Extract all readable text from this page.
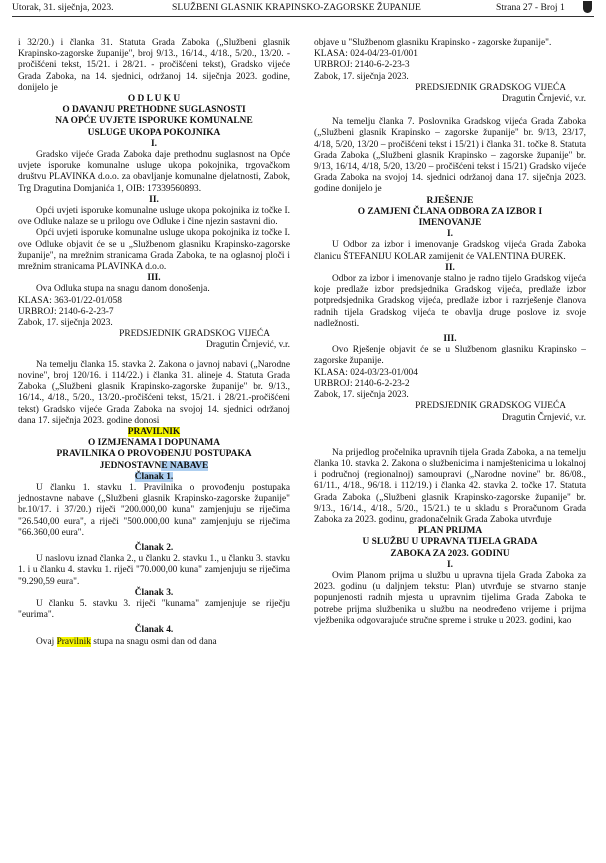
Utorak, 31. siječnja, 2023.	SLUŽBENI GLASNIK KRAPINSKO-ZAGORSKE ŽUPANIJE	Strana 27 - Broj 1

i 32/20.) i članka 31. Statuta Grada Zaboka („Službeni glasnik Krapinsko-zagorske županije", broj 9/13., 16/14., 4/18., 5/20., 13/20. - pročišćeni tekst, 15/21. i 28/21. - pročišćeni tekst), Gradsko vijeće Grada Zaboka, na 14. sjednici, održanoj 14. siječnja 2023. godine, donijelo je

O D L U K U
O DAVANJU PRETHODNE SUGLASNOSTI
NA OPĆE UVJETE ISPORUKE KOMUNALNE
USLUGE UKOPA POKOJNIKA
I.

Gradsko vijeće Grada Zaboka daje prethodnu suglasnost na Opće uvjete isporuke komunalne usluge ukopa pokojnika, trgovačkom društvu PLAVINKA d.o.o. za obavljanje komunalne djelatnosti, Zabok, Trg Dragutina Domjanića 1, OIB: 17339560893.

II.

Opći uvjeti isporuke komunalne usluge ukopa pokojnika iz točke I. ove Odluke nalaze se u prilogu ove Odluke i čine njezin sastavni dio.

Opći uvjeti isporuke komunalne usluge ukopa pokojnika iz točke I. ove Odluke objavit će se u „Službenom glasniku Krapinsko-zagorske županije", na mrežnim stranicama Grada Zaboka, te na oglasnoj ploči i mrežnim stranicama PLAVINKA d.o.o.

III.

Ova Odluka stupa na snagu danom donošenja.

KLASA: 363-01/22-01/058
URBROJ: 2140-6-2-23-7
Zabok, 17. siječnja 2023.
PREDSJEDNIK GRADSKOG VIJEĆA
Dragutin Črnjević, v.r.

Na temelju članka 15. stavka 2. Zakona o javnoj nabavi („Narodne novine", broj 120/16. i 114/22.) i članka 31. alineje 4. Statuta Grada Zaboka („Službeni glasnik Krapinsko-zagorske županije" br. 9/13., 16/14., 4/18., 5/20., 13/20.-pročišćeni tekst, 15/21. i 28/21.-pročišćeni tekst) Gradsko vijeće Grada Zaboka na svojoj 14. sjednici održanoj dana 17. siječnja 2023. godine donosi

PRAVILNIK
O IZMJENAMA I DOPUNAMA
PRAVILNIKA O PROVOĐENJU POSTUPAKA
JEDNOSTAVNE NABAVE
Članak 1.

U članku 1. stavku 1. Pravilnika o provođenju postupaka jednostavne nabave („Službeni glasnik Krapinsko-zagorske županije" br.10/17. i 37/20.) riječi "200.000,00 kuna" zamjenjuju se riječima "26.540,00 eura", a riječi "500.000,00 kuna" zamjenjuju se riječima "66.360,00 eura".

Članak 2.

U naslovu iznad članka 2., u članku 2. stavku 1., u članku 3. stavku 1. i u članku 4. stavku 1. riječi "70.000,00 kuna" zamjenjuju se riječima "9.290,59 eura".

Članak 3.

U članku 5. stavku 3. riječi "kunama" zamjenjuje se riječju "eurima".

Članak 4.

Ovaj Pravilnik stupa na snagu osmi dan od dana

objave u "Službenom glasniku Krapinsko - zagorske županije".

KLASA: 024-04/23-01/001
URBROJ: 2140-6-2-23-3
Zabok, 17. siječnja 2023.
PREDSJEDNIK GRADSKOG VIJEĆA
Dragutin Črnjević, v.r.

Na temelju članka 7. Poslovnika Gradskog vijeća Grada Zaboka („Službeni glasnik Krapinsko – zagorske županije" br. 9/13, 23/17, 4/18, 5/20, 13/20 – pročišćeni tekst i 15/21) i članka 31. točke 8. Statuta Grada Zaboka („Službeni glasnik Krapinsko – zagorske županije" br. 9/13, 16/14, 4/18, 5/20, 13/20 – pročišćeni tekst i 15/21) Gradsko vijeće Grada Zaboka na svojoj 14. sjednici održanoj dana 17. siječnja 2023. godine donijelo je

RJEŠENJE
O ZAMJENI ČLANA ODBORA ZA IZBOR I
IMENOVANJE
I.

U Odbor za izbor i imenovanje Gradskog vijeća Grada Zaboka članicu ŠTEFANIJU KOLAR zamijenit će VALENTINA ĐUREK.

II.

Odbor za izbor i imenovanje stalno je radno tijelo Gradskog vijeća koje predlaže izbor predsjednika Gradskog vijeća, predlaže izbor potpredsjednika Gradskog vijeća, predlaže izbor i razrješenje članova radnih tijela Gradskog vijeća te obavlja druge poslove iz svoje nadležnosti.

III.

Ovo Rješenje objavit će se u Službenom glasniku Krapinsko – zagorske županije.

KLASA: 024-03/23-01/004
URBROJ: 2140-6-2-23-2
Zabok, 17. siječnja 2023.
PREDSJEDNIK GRADSKOG VIJEĆA
Dragutin Črnjević, v.r.

Na prijedlog pročelnika upravnih tijela Grada Zaboka, a na temelju članka 10. stavka 2. Zakona o službenicima i namještenicima u lokalnoj i područnoj (regionalnoj) samoupravi („Narodne novine" br. 86/08., 61/11., 4/18., 96/18. i 112/19.) i članka 42. stavka 2. točke 17. Statuta Grada Zaboka („Službeni glasnik Krapinsko-zagorske županije" br. 9/13., 16/14., 4/18., 5/20., 15/21.) te u skladu s Proračunom Grada Zaboka za 2023. godinu, gradonačelnik Grada Zaboka utvrđuje

PLAN PRIJMA
U SLUŽBU U UPRAVNA TIJELA GRADA
ZABOKA ZA 2023. GODINU
I.

Ovim Planom prijma u službu u upravna tijela Grada Zaboka za 2023. godinu (u daljnjem tekstu: Plan) utvrđuje se stvarno stanje popunjenosti radnih mjesta u upravnim tijelima Grada Zaboka te potrebe prijma službenika u službu na neodređeno vrijeme i prijma vježbenika odgovarajuće stručne spreme i struke u 2023. godini, kao
